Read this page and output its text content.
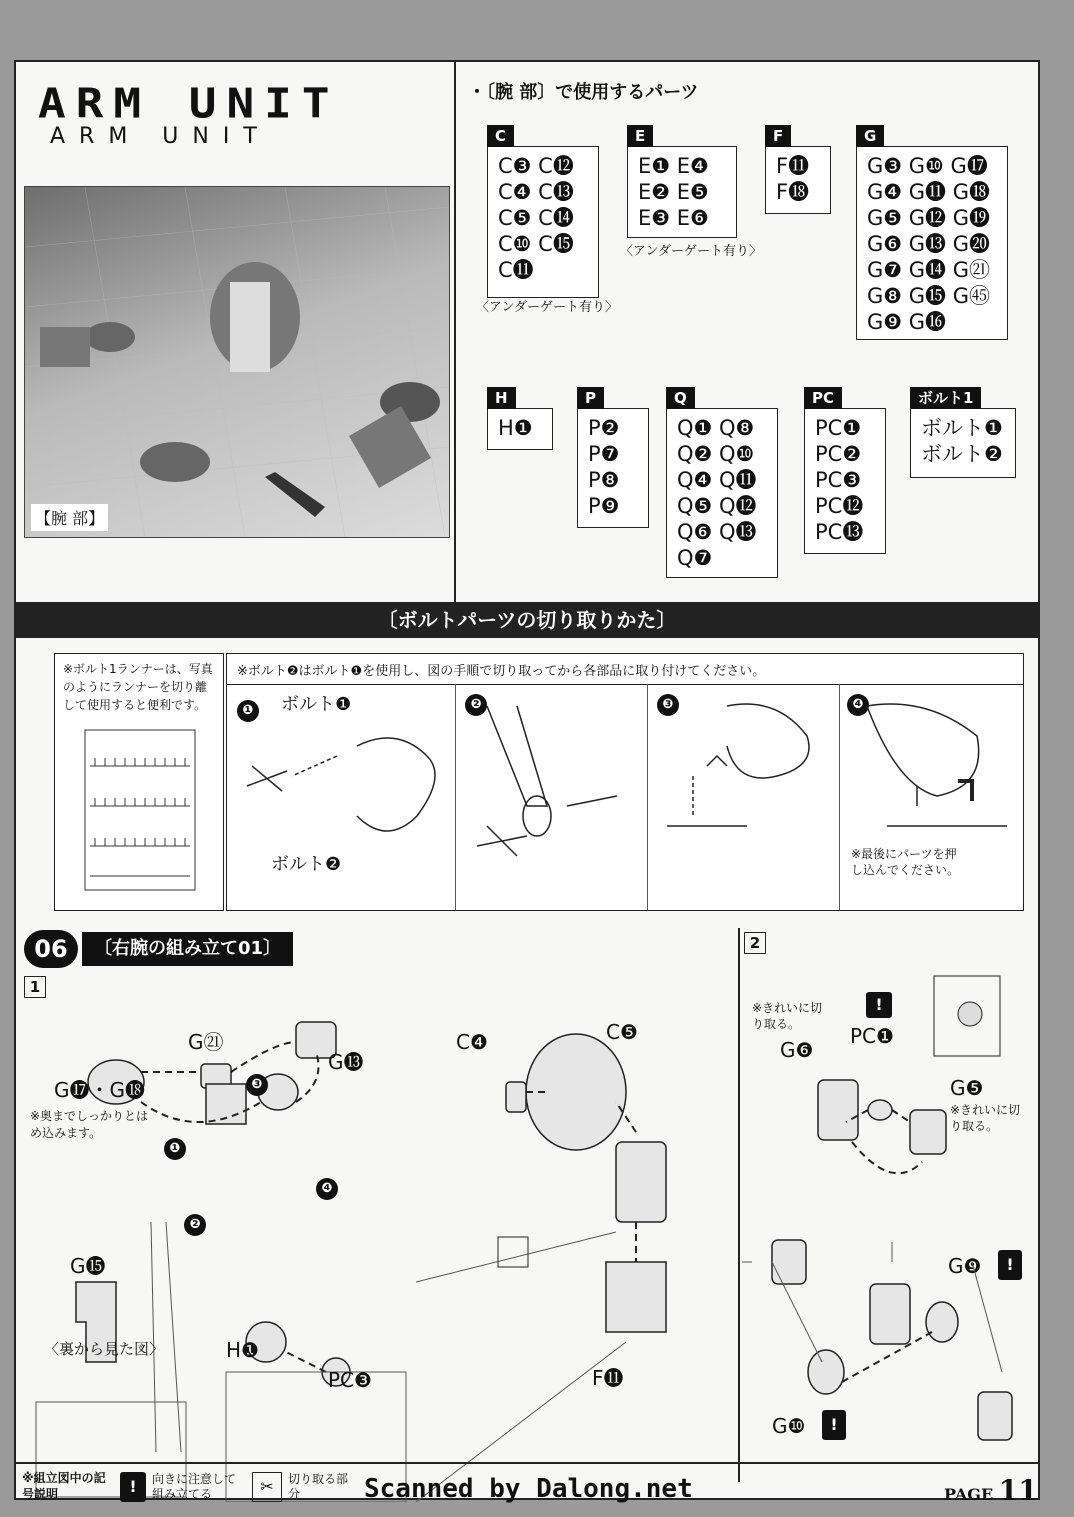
ARM UNIT
ARM UNIT
【腕 部】
・〔腕 部〕で使用するパーツ
C
C❸ C⓬
C❹ C⓭
C❺ C⓮
C❿ C⓯
C⓫
〈アンダーゲート有り〉
E
E❶ E❹
E❷ E❺
E❸ E❻
〈アンダーゲート有り〉
F
F⓫
F⓲
G
G❸ G❿ G⓱
G❹ G⓫ G⓲
G❺ G⓬ G⓳
G❻ G⓭ G⓴
G❼ G⓮ G㉑
G❽ G⓯ G㊺
G❾ G⓰
H
H❶
P
P❷
P❼
P❽
P❾
Q
Q❶ Q❽
Q❷ Q❿
Q❹ Q⓫
Q❺ Q⓬
Q❻ Q⓭
Q❼
PC
PC❶
PC❷
PC❸
PC⓬
PC⓭
ボルト1
ボルト❶
ボルト❷
〔ボルトパーツの切り取りかた〕
※ボルト1ランナーは、写真のようにランナーを切り離して使用すると便利です。
※ボルト❷はボルト❶を使用し、図の手順で切り取ってから各部品に取り付けてください。
❶	❷	❸	❹
ボルト❶
ボルト❷	※最後にパーツを押し込んでください。
06	〔右腕の組み立て01〕
1
2
G㉑
G⓭
G⓱・G⓲
※奥までしっかりとはめ込みます。
G⓯
〈裏から見た図〉	H❶
PC❸
C❹	C❺
F⓫
❶
❷
❸
❹
※きれいに切り取る。
G❻
!
PC❶
G❺
※きれいに切り取る。
G❾	!
G❿	!
※組立図中の記号説明	!	向きに注意して組み立てる	✂	切り取る部分	Scanned by Dalong.net	PAGE 11
